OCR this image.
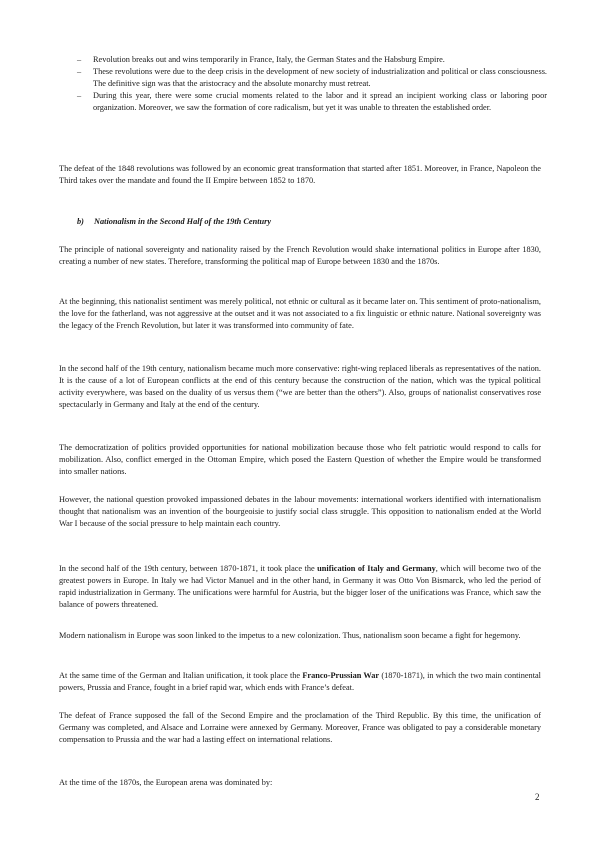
– Revolution breaks out and wins temporarily in France, Italy, the German States and the Habsburg Empire.
– These revolutions were due to the deep crisis in the development of new society of industrialization and political or class consciousness. The definitive sign was that the aristocracy and the absolute monarchy must retreat.
– During this year, there were some crucial moments related to the labor and it spread an incipient working class or laboring poor organization. Moreover, we saw the formation of core radicalism, but yet it was unable to threaten the established order.

The defeat of the 1848 revolutions was followed by an economic great transformation that started after 1851. Moreover, in France, Napoleon the Third takes over the mandate and found the II Empire between 1852 to 1870.

b) Nationalism in the Second Half of the 19th Century

The principle of national sovereignty and nationality raised by the French Revolution would shake international politics in Europe after 1830, creating a number of new states. Therefore, transforming the political map of Europe between 1830 and the 1870s.

At the beginning, this nationalist sentiment was merely political, not ethnic or cultural as it became later on. This sentiment of proto-nationalism, the love for the fatherland, was not aggressive at the outset and it was not associated to a fix linguistic or ethnic nature. National sovereignty was the legacy of the French Revolution, but later it was transformed into community of fate.

In the second half of the 19th century, nationalism became much more conservative: right-wing replaced liberals as representatives of the nation. It is the cause of a lot of European conflicts at the end of this century because the construction of the nation, which was the typical political activity everywhere, was based on the duality of us versus them (“we are better than the others”). Also, groups of nationalist conservatives rose spectacularly in Germany and Italy at the end of the century.

The democratization of politics provided opportunities for national mobilization because those who felt patriotic would respond to calls for mobilization. Also, conflict emerged in the Ottoman Empire, which posed the Eastern Question of whether the Empire would be transformed into smaller nations.

However, the national question provoked impassioned debates in the labour movements: international workers identified with internationalism thought that nationalism was an invention of the bourgeoisie to justify social class struggle. This opposition to nationalism ended at the World War I because of the social pressure to help maintain each country.

In the second half of the 19th century, between 1870-1871, it took place the unification of Italy and Germany, which will become two of the greatest powers in Europe. In Italy we had Victor Manuel and in the other hand, in Germany it was Otto Von Bismarck, who led the period of rapid industrialization in Germany. The unifications were harmful for Austria, but the bigger loser of the unifications was France, which saw the balance of powers threatened.

Modern nationalism in Europe was soon linked to the impetus to a new colonization. Thus, nationalism soon became a fight for hegemony.

At the same time of the German and Italian unification, it took place the Franco-Prussian War (1870-1871), in which the two main continental powers, Prussia and France, fought in a brief rapid war, which ends with France’s defeat.

The defeat of France supposed the fall of the Second Empire and the proclamation of the Third Republic. By this time, the unification of Germany was completed, and Alsace and Lorraine were annexed by Germany. Moreover, France was obligated to pay a considerable monetary compensation to Prussia and the war had a lasting effect on international relations.

At the time of the 1870s, the European arena was dominated by:

2
